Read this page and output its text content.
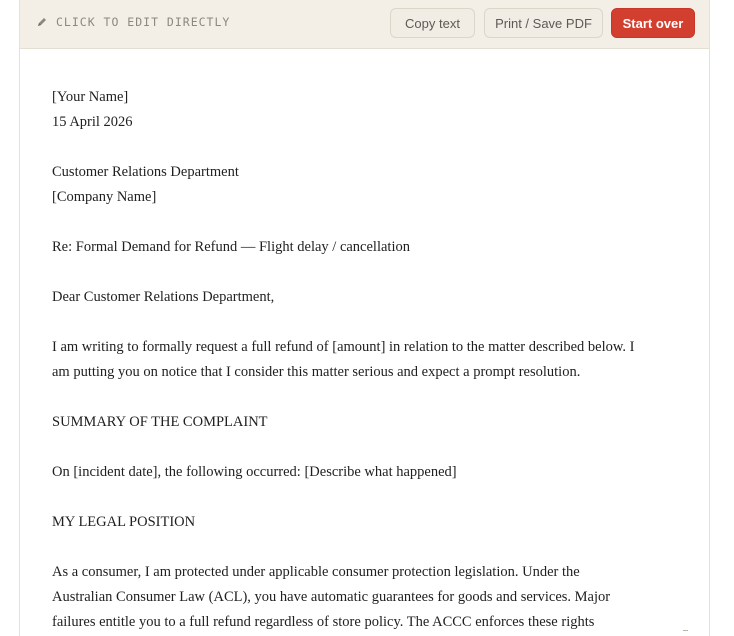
CLICK TO EDIT DIRECTLY	Copy text	Print / Save PDF Start over

[Your Name]
15 April 2026

Customer Relations Department
[Company Name]

Re: Formal Demand for Refund — Flight delay / cancellation

Dear Customer Relations Department,

I am writing to formally request a full refund of [amount] in relation to the matter described below. I
am putting you on notice that I consider this matter serious and expect a prompt resolution.

SUMMARY OF THE COMPLAINT

On [incident date], the following occurred: [Describe what happened]

MY LEGAL POSITION

As a consumer, I am protected under applicable consumer protection legislation. Under the
Australian Consumer Law (ACL), you have automatic guarantees for goods and services. Major
failures entitle you to a full refund regardless of store policy. The ACCC enforces these rights
